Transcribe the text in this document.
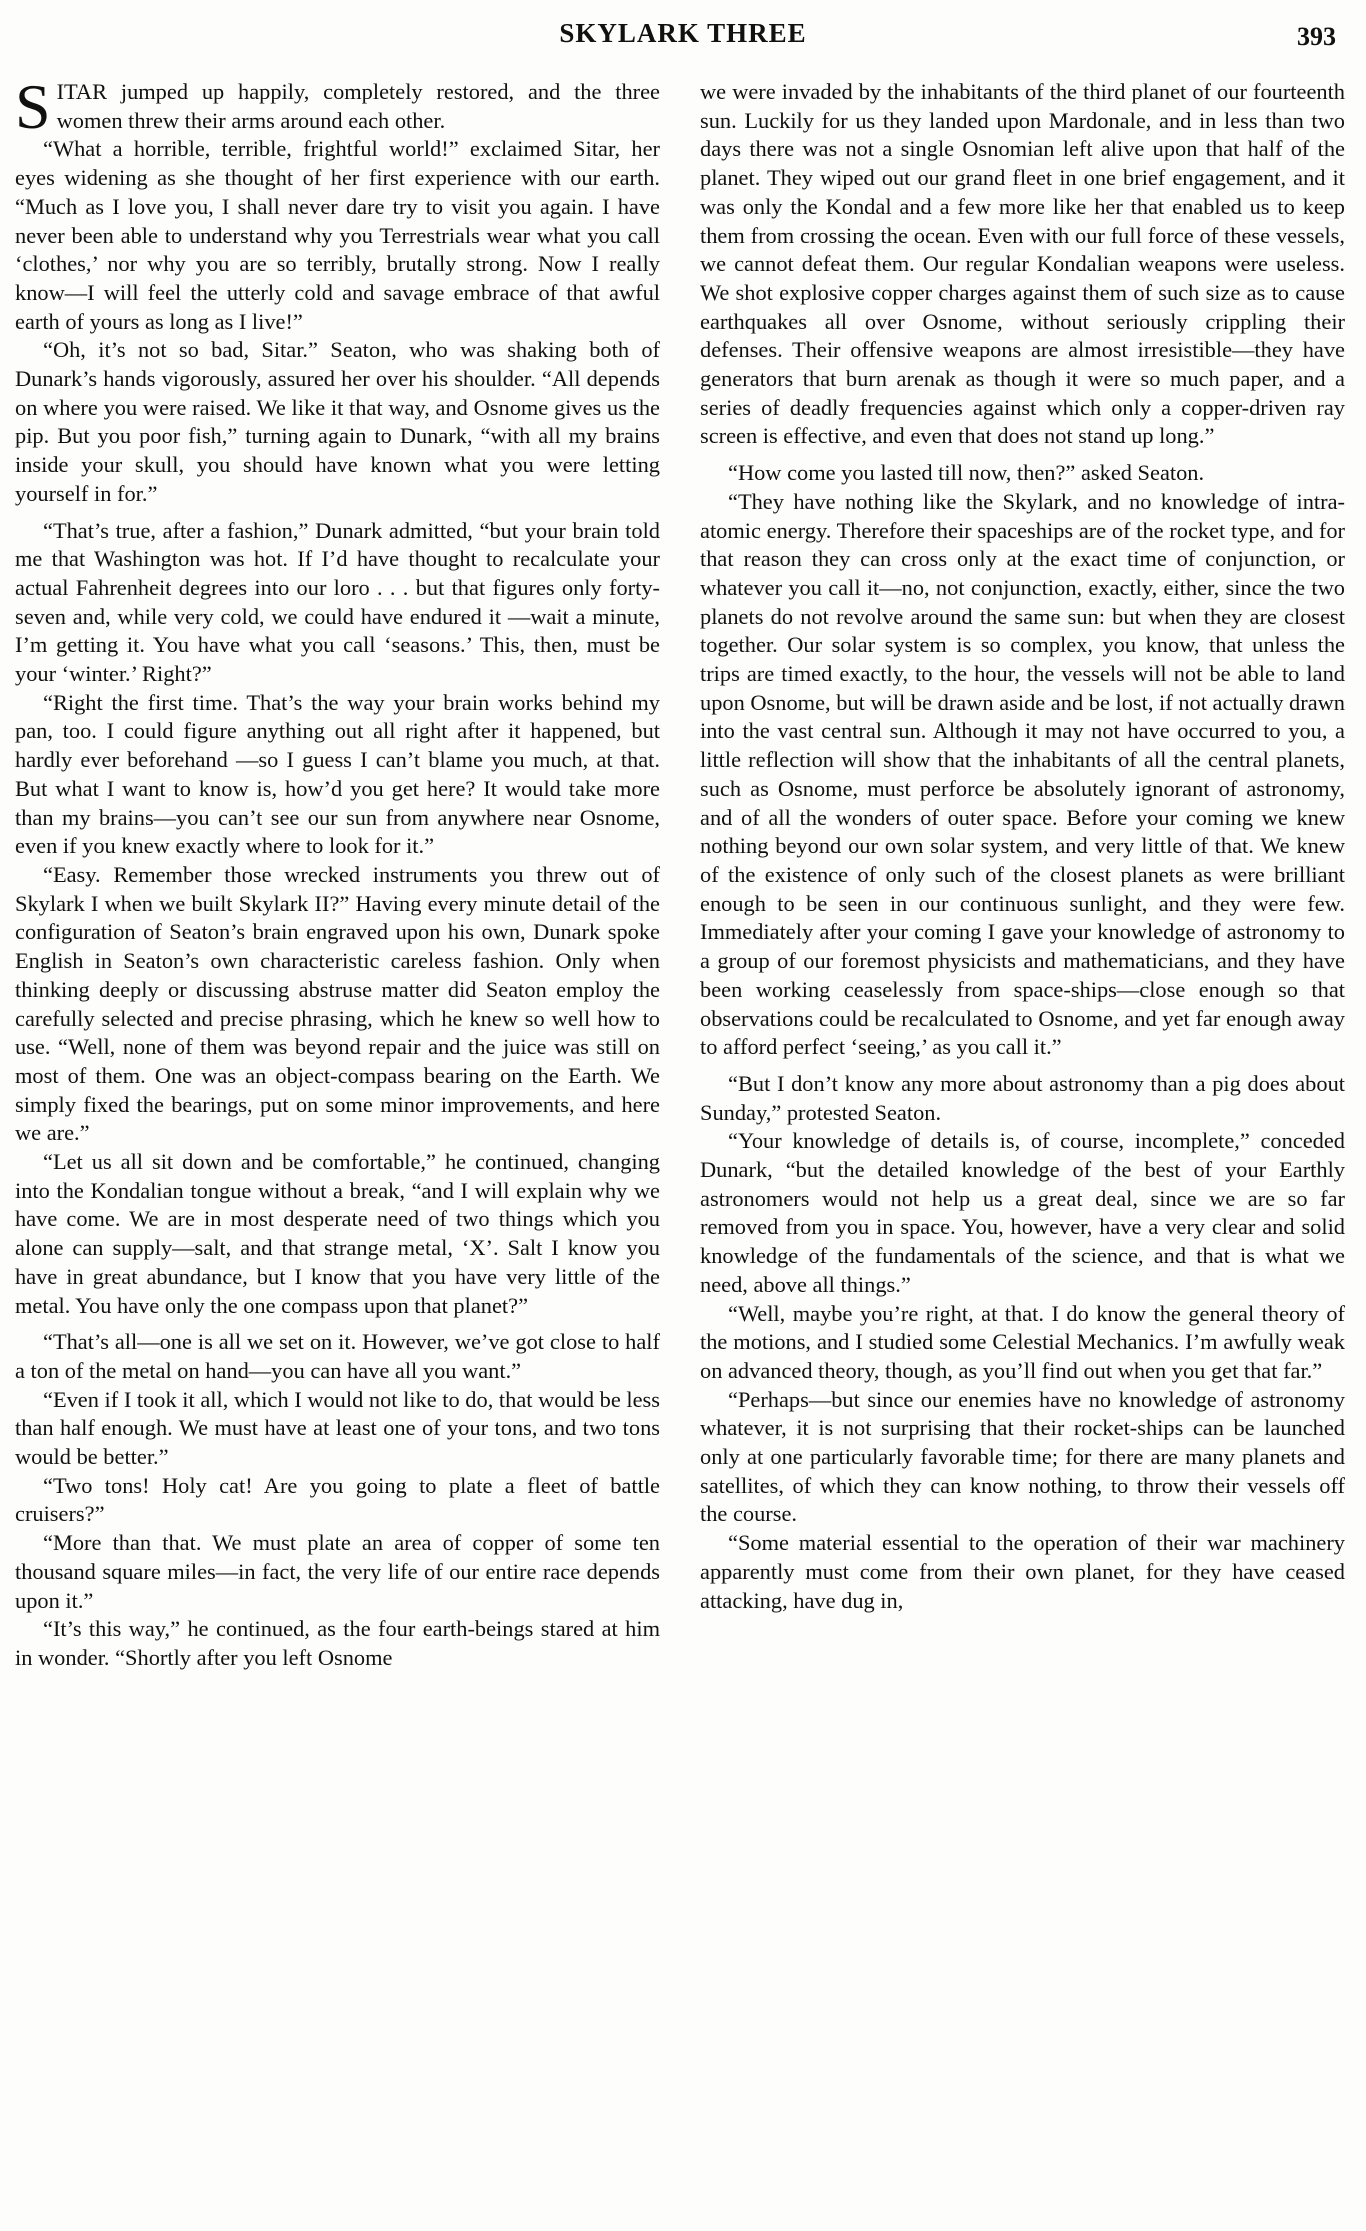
SKYLARK THREE	393

SITAR jumped up happily, completely restored, and the three women threw their arms around each other.

“What a horrible, terrible, frightful world!” exclaimed Sitar, her eyes widening as she thought of her first experience with our earth. “Much as I love you, I shall never dare try to visit you again. I have never been able to understand why you Terrestrials wear what you call ‘clothes,’ nor why you are so terribly, brutally strong. Now I really know—I will feel the utterly cold and savage embrace of that awful earth of yours as long as I live!”

“Oh, it’s not so bad, Sitar.” Seaton, who was shaking both of Dunark’s hands vigorously, assured her over his shoulder. “All depends on where you were raised. We like it that way, and Osnome gives us the pip. But you poor fish,” turning again to Dunark, “with all my brains inside your skull, you should have known what you were letting yourself in for.”

“That’s true, after a fashion,” Dunark admitted, “but your brain told me that Washington was hot. If I’d have thought to recalculate your actual Fahrenheit degrees into our loro . . . but that figures only forty-seven and, while very cold, we could have endured it —wait a minute, I’m getting it. You have what you call ‘seasons.’ This, then, must be your ‘winter.’ Right?”

“Right the first time. That’s the way your brain works behind my pan, too. I could figure anything out all right after it happened, but hardly ever beforehand —so I guess I can’t blame you much, at that. But what I want to know is, how’d you get here? It would take more than my brains—you can’t see our sun from anywhere near Osnome, even if you knew exactly where to look for it.”

“Easy. Remember those wrecked instruments you threw out of Skylark I when we built Skylark II?” Having every minute detail of the configuration of Seaton’s brain engraved upon his own, Dunark spoke English in Seaton’s own characteristic careless fashion. Only when thinking deeply or discussing abstruse matter did Seaton employ the carefully selected and precise phrasing, which he knew so well how to use. “Well, none of them was beyond repair and the juice was still on most of them. One was an object-compass bearing on the Earth. We simply fixed the bearings, put on some minor improvements, and here we are.”

“Let us all sit down and be comfortable,” he continued, changing into the Kondalian tongue without a break, “and I will explain why we have come. We are in most desperate need of two things which you alone can supply—salt, and that strange metal, ‘X’. Salt I know you have in great abundance, but I know that you have very little of the metal. You have only the one compass upon that planet?”

“That’s all—one is all we set on it. However, we’ve got close to half a ton of the metal on hand—you can have all you want.”

“Even if I took it all, which I would not like to do, that would be less than half enough. We must have at least one of your tons, and two tons would be better.”

“Two tons! Holy cat! Are you going to plate a fleet of battle cruisers?”

“More than that. We must plate an area of copper of some ten thousand square miles—in fact, the very life of our entire race depends upon it.”

“It’s this way,” he continued, as the four earth-beings stared at him in wonder. “Shortly after you left Osnome

we were invaded by the inhabitants of the third planet of our fourteenth sun. Luckily for us they landed upon Mardonale, and in less than two days there was not a single Osnomian left alive upon that half of the planet. They wiped out our grand fleet in one brief engagement, and it was only the Kondal and a few more like her that enabled us to keep them from crossing the ocean. Even with our full force of these vessels, we cannot defeat them. Our regular Kondalian weapons were useless. We shot explosive copper charges against them of such size as to cause earthquakes all over Osnome, without seriously crippling their defenses. Their offensive weapons are almost irresistible—they have generators that burn arenak as though it were so much paper, and a series of deadly frequencies against which only a copper-driven ray screen is effective, and even that does not stand up long.”

“How come you lasted till now, then?” asked Seaton.

“They have nothing like the Skylark, and no knowledge of intra-atomic energy. Therefore their spaceships are of the rocket type, and for that reason they can cross only at the exact time of conjunction, or whatever you call it—no, not conjunction, exactly, either, since the two planets do not revolve around the same sun: but when they are closest together. Our solar system is so complex, you know, that unless the trips are timed exactly, to the hour, the vessels will not be able to land upon Osnome, but will be drawn aside and be lost, if not actually drawn into the vast central sun. Although it may not have occurred to you, a little reflection will show that the inhabitants of all the central planets, such as Osnome, must perforce be absolutely ignorant of astronomy, and of all the wonders of outer space. Before your coming we knew nothing beyond our own solar system, and very little of that. We knew of the existence of only such of the closest planets as were brilliant enough to be seen in our continuous sunlight, and they were few. Immediately after your coming I gave your knowledge of astronomy to a group of our foremost physicists and mathematicians, and they have been working ceaselessly from space-ships—close enough so that observations could be recalculated to Osnome, and yet far enough away to afford perfect ‘seeing,’ as you call it.”

“But I don’t know any more about astronomy than a pig does about Sunday,” protested Seaton.

“Your knowledge of details is, of course, incomplete,” conceded Dunark, “but the detailed knowledge of the best of your Earthly astronomers would not help us a great deal, since we are so far removed from you in space. You, however, have a very clear and solid knowledge of the fundamentals of the science, and that is what we need, above all things.”

“Well, maybe you’re right, at that. I do know the general theory of the motions, and I studied some Celestial Mechanics. I’m awfully weak on advanced theory, though, as you’ll find out when you get that far.”

“Perhaps—but since our enemies have no knowledge of astronomy whatever, it is not surprising that their rocket-ships can be launched only at one particularly favorable time; for there are many planets and satellites, of which they can know nothing, to throw their vessels off the course.

“Some material essential to the operation of their war machinery apparently must come from their own planet, for they have ceased attacking, have dug in,
